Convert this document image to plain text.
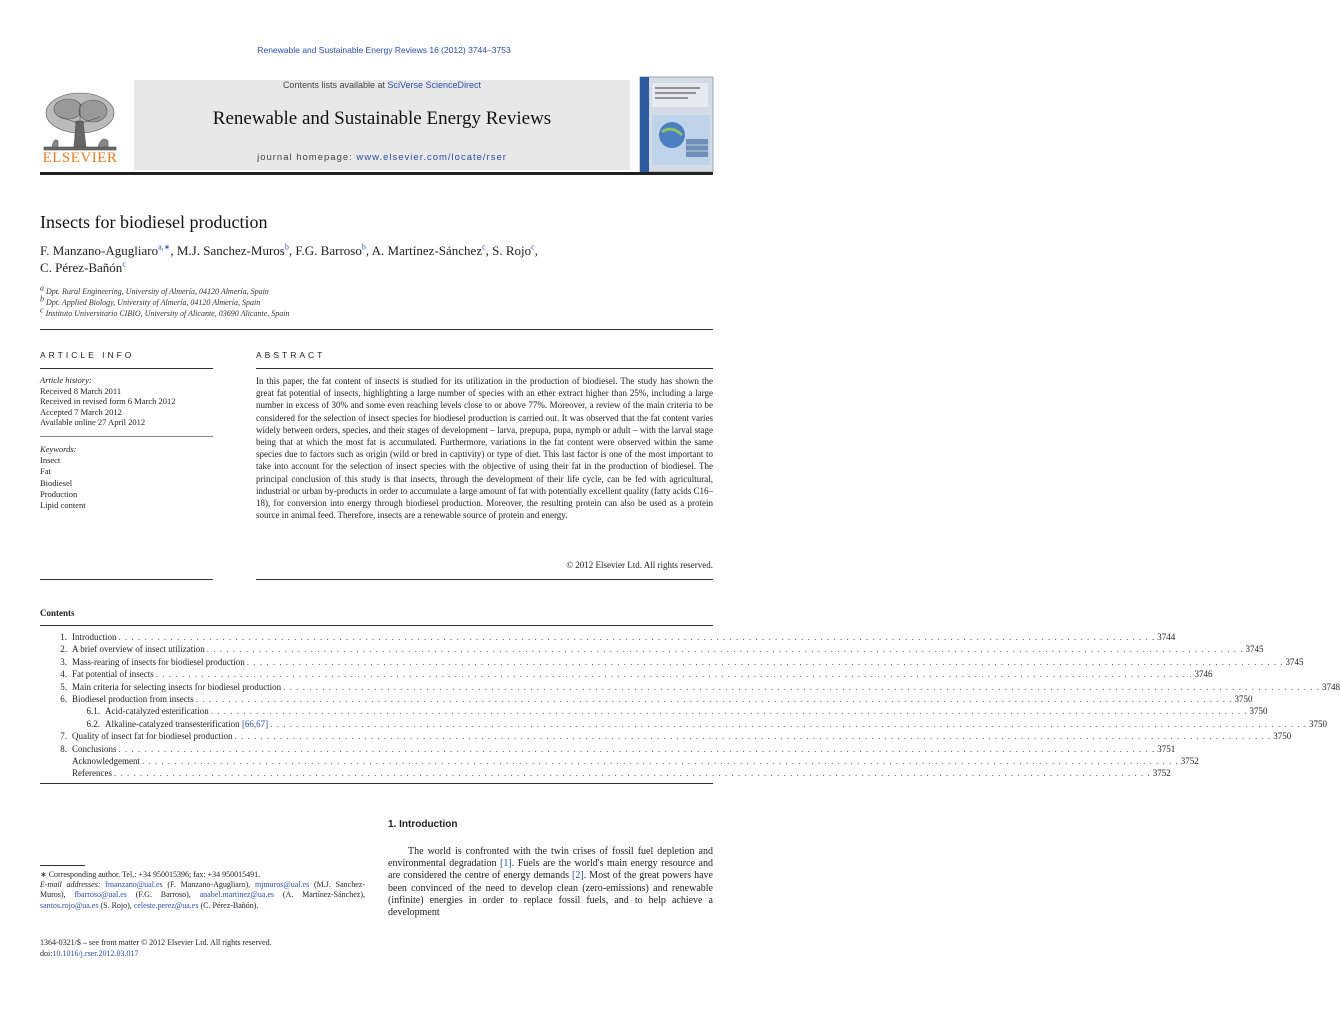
Renewable and Sustainable Energy Reviews 16 (2012) 3744–3753
Contents lists available at SciVerse ScienceDirect
Renewable and Sustainable Energy Reviews
journal homepage: www.elsevier.com/locate/rser
ELSEVIER
Insects for biodiesel production
F. Manzano-Agugliaro$^{a,∗}$, M.J. Sanchez-Muros$^b$, F.G. Barroso$^b$, A. Martínez-Sánchez$^c$, S. Rojo$^c$,
C. Pérez-Bañón$^c$
$^a$ Dpt. Rural Engineering, University of Almería, 04120 Almería, Spain
$^b$ Dpt. Applied Biology, University of Almería, 04120 Almería, Spain
$^c$ Instituto Universitario CIBIO, University of Alicante, 03690 Alicante, Spain
ARTICLE INFO	ABSTRACT
Article history:
Received 8 March 2011
Received in revised form 6 March 2012
Accepted 7 March 2012
Available online 27 April 2012
Keywords:
Insect
Fat
Biodiesel
Production
Lipid content
In this paper, the fat content of insects is studied for its utilization in the production of biodiesel. The study has shown the great fat potential of insects, highlighting a large number of species with an ether extract higher than 25%, including a large number in excess of 30% and some even reaching levels close to or above 77%. Moreover, a review of the main criteria to be considered for the selection of insect species for biodiesel production is carried out. It was observed that the fat content varies widely between orders, species, and their stages of development – larva, prepupa, pupa, nymph or adult – with the larval stage being that at which the most fat is accumulated. Furthermore, variations in the fat content were observed within the same species due to factors such as origin (wild or bred in captivity) or type of diet. This last factor is one of the most important to take into account for the selection of insect species with the objective of using their fat in the production of biodiesel. The principal conclusion of this study is that insects, through the development of their life cycle, can be fed with agricultural, industrial or urban by-products in order to accumulate a large amount of fat with potentially excellent quality (fatty acids C16–18), for conversion into energy through biodiesel production. Moreover, the resulting protein can also be used as a protein source in animal feed. Therefore, insects are a renewable source of protein and energy.
© 2012 Elsevier Ltd. All rights reserved.
Contents
1. Introduction . . . . . . . . . . . . . . . . . . . . . . . . . . . . . . . . . . . . . . . . . . . . . . . . . . . . . . . . . . . . . . . . . . . . . . . . . . . . . . . . . . . . . . . . . . . . . . . . . . . . . . . . . . . . . . . . . . . . . . . . . . . . . . . . . . . . . . . . . . . . . . . . . . . . . . . . . . . . . . . . 3744
2. A brief overview of insect utilization . . . . . . . . . . . . . . . . . . . . . . . . . . . . . . . . . . . . . . . . . . . . . . . . . . . . . . . . . . . . . . . . . . . . . . . . . . . . . . . . . . . . . . . . . . . . . . . . . . . . . . . . . . . . . . . . . . . . . . . . . . . . . . . . . . . . . . . . . . . . . . . . . . . . . . . . . . . . . . . . 3745
3. Mass-rearing of insects for biodiesel production . . . . . . . . . . . . . . . . . . . . . . . . . . . . . . . . . . . . . . . . . . . . . . . . . . . . . . . . . . . . . . . . . . . . . . . . . . . . . . . . . . . . . . . . . . . . . . . . . . . . . . . . . . . . . . . . . . . . . . . . . . . . . . . . . . . . . . . . . . . . . . . . . . . . . . . . . . . . . . . . 3745
4. Fat potential of insects . . . . . . . . . . . . . . . . . . . . . . . . . . . . . . . . . . . . . . . . . . . . . . . . . . . . . . . . . . . . . . . . . . . . . . . . . . . . . . . . . . . . . . . . . . . . . . . . . . . . . . . . . . . . . . . . . . . . . . . . . . . . . . . . . . . . . . . . . . . . . . . . . . . . . . . . . . . . . . . . 3746
5. Main criteria for selecting insects for biodiesel production . . . . . . . . . . . . . . . . . . . . . . . . . . . . . . . . . . . . . . . . . . . . . . . . . . . . . . . . . . . . . . . . . . . . . . . . . . . . . . . . . . . . . . . . . . . . . . . . . . . . . . . . . . . . . . . . . . . . . . . . . . . . . . . . . . . . . . . . . . . . . . . . . . . . . . . . . . . . . . . . 3748
6. Biodiesel production from insects . . . . . . . . . . . . . . . . . . . . . . . . . . . . . . . . . . . . . . . . . . . . . . . . . . . . . . . . . . . . . . . . . . . . . . . . . . . . . . . . . . . . . . . . . . . . . . . . . . . . . . . . . . . . . . . . . . . . . . . . . . . . . . . . . . . . . . . . . . . . . . . . . . . . . . . . . . . . . . . . 3750
6.1. Acid-catalyzed esterification . . . . . . . . . . . . . . . . . . . . . . . . . . . . . . . . . . . . . . . . . . . . . . . . . . . . . . . . . . . . . . . . . . . . . . . . . . . . . . . . . . . . . . . . . . . . . . . . . . . . . . . . . . . . . . . . . . . . . . . . . . . . . . . . . . . . . . . . . . . . . . . . . . . . . . . . . . . . . . . . 3750
6.2. Alkaline-catalyzed transesterification [66,67] . . . . . . . . . . . . . . . . . . . . . . . . . . . . . . . . . . . . . . . . . . . . . . . . . . . . . . . . . . . . . . . . . . . . . . . . . . . . . . . . . . . . . . . . . . . . . . . . . . . . . . . . . . . . . . . . . . . . . . . . . . . . . . . . . . . . . . . . . . . . . . . . . . . . . . . . . . . . . . . . 3750
7. Quality of insect fat for biodiesel production . . . . . . . . . . . . . . . . . . . . . . . . . . . . . . . . . . . . . . . . . . . . . . . . . . . . . . . . . . . . . . . . . . . . . . . . . . . . . . . . . . . . . . . . . . . . . . . . . . . . . . . . . . . . . . . . . . . . . . . . . . . . . . . . . . . . . . . . . . . . . . . . . . . . . . . . . . . . . . . . 3750
8. Conclusions . . . . . . . . . . . . . . . . . . . . . . . . . . . . . . . . . . . . . . . . . . . . . . . . . . . . . . . . . . . . . . . . . . . . . . . . . . . . . . . . . . . . . . . . . . . . . . . . . . . . . . . . . . . . . . . . . . . . . . . . . . . . . . . . . . . . . . . . . . . . . . . . . . . . . . . . . . . . . . . . 3751
Acknowledgement . . . . . . . . . . . . . . . . . . . . . . . . . . . . . . . . . . . . . . . . . . . . . . . . . . . . . . . . . . . . . . . . . . . . . . . . . . . . . . . . . . . . . . . . . . . . . . . . . . . . . . . . . . . . . . . . . . . . . . . . . . . . . . . . . . . . . . . . . . . . . . . . . . . . . . . . . . . . . . . . 3752
References . . . . . . . . . . . . . . . . . . . . . . . . . . . . . . . . . . . . . . . . . . . . . . . . . . . . . . . . . . . . . . . . . . . . . . . . . . . . . . . . . . . . . . . . . . . . . . . . . . . . . . . . . . . . . . . . . . . . . . . . . . . . . . . . . . . . . . . . . . . . . . . . . . . . . . . . . . . . . . . . 3752
1. Introduction
  The world is confronted with the twin crises of fossil fuel depletion and environmental degradation [1]. Fuels are the world's main energy resource and are considered the centre of energy demands [2]. Most of the great powers have been convinced of the need to develop clean (zero-emissions) and renewable (infinite) energies in order to replace fossil fuels, and to help achieve a development
∗ Corresponding author. Tel.: +34 950015396; fax: +34 950015491.
E-mail addresses: fmanzano@ual.es (F. Manzano-Agugliaro), mjmuros@ual.es (M.J. Sanchez-Muros), fbarroso@ual.es (F.G. Barroso), anabel.martinez@ua.es (A. Martínez-Sánchez), santos.rojo@ua.es (S. Rojo), celeste.perez@ua.es (C. Pérez-Bañón).
1364-0321/$ – see front matter © 2012 Elsevier Ltd. All rights reserved.
doi:10.1016/j.rser.2012.03.017
